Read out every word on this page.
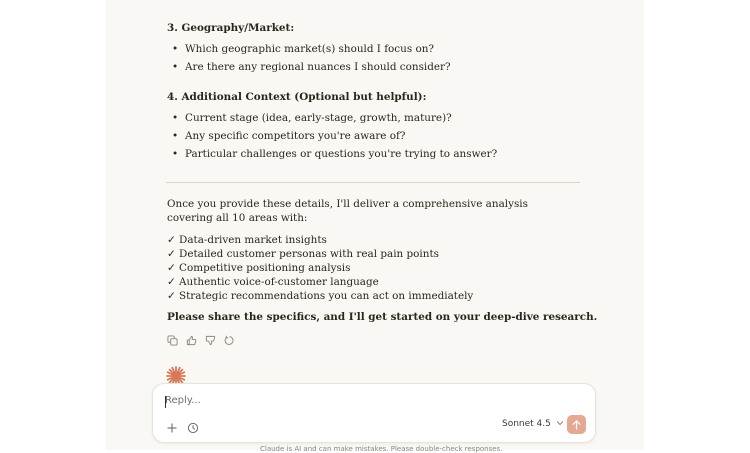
3. Geography/Market:
• Which geographic market(s) should I focus on?
• Are there any regional nuances I should consider?
4. Additional Context (Optional but helpful):
• Current stage (idea, early-stage, growth, mature)?
• Any specific competitors you're aware of?
• Particular challenges or questions you're trying to answer?
Once you provide these details, I'll deliver a comprehensive analysis covering all 10 areas with:
✓ Data-driven market insights
✓ Detailed customer personas with real pain points
✓ Competitive positioning analysis
✓ Authentic voice-of-customer language
✓ Strategic recommendations you can act on immediately
Please share the specifics, and I'll get started on your deep-dive research.
Reply...
Sonnet 4.5
Claude is AI and can make mistakes. Please double-check responses.
